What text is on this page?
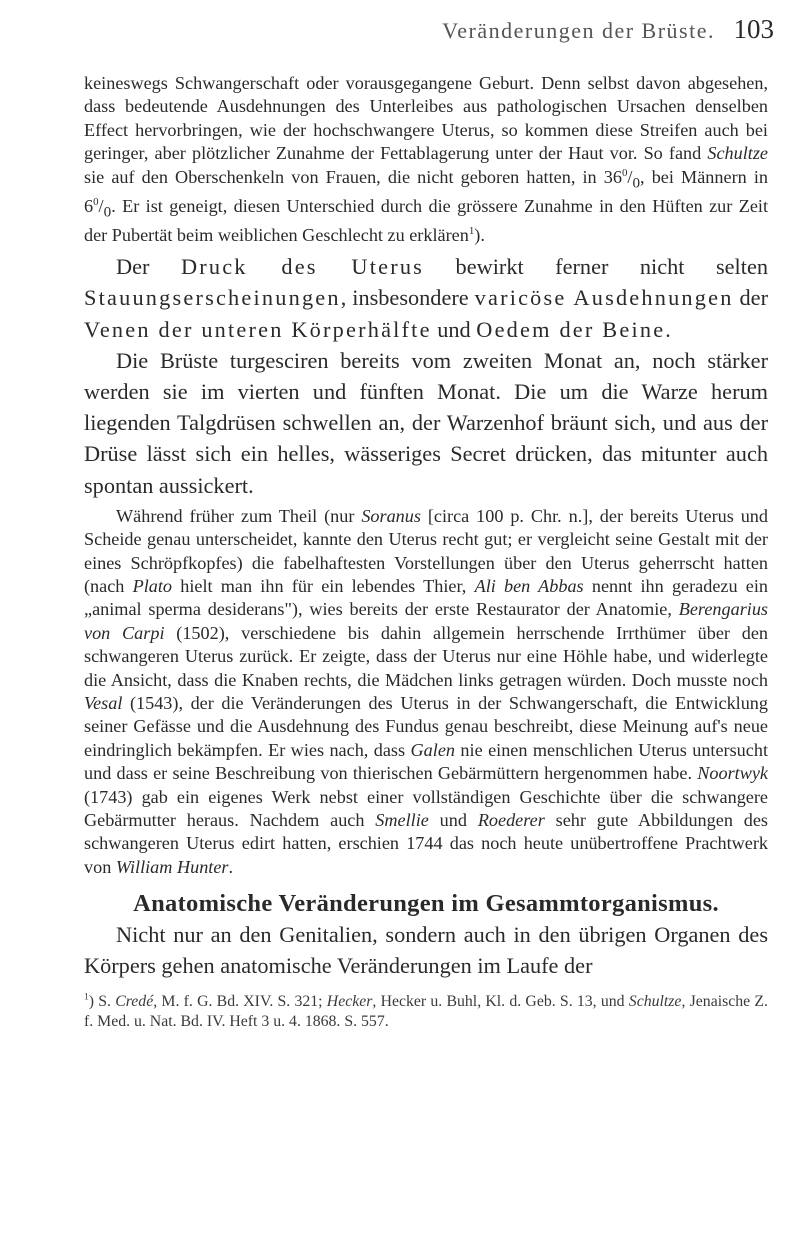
Veränderungen der Brüste. 103

keineswegs Schwangerschaft oder vorausgegangene Geburt. Denn selbst davon abgesehen, dass bedeutende Ausdehnungen des Unterleibes aus pathologischen Ursachen denselben Effect hervorbringen, wie der hochschwangere Uterus, so kommen diese Streifen auch bei geringer, aber plötzlicher Zunahme der Fettablagerung unter der Haut vor. So fand Schultze sie auf den Oberschenkeln von Frauen, die nicht geboren hatten, in $36^0/_0$, bei Männern in $6^0/_0$. Er ist geneigt, diesen Unterschied durch die grössere Zunahme in den Hüften zur Zeit der Pubertät beim weiblichen Geschlecht zu erklären$^1$).

Der Druck des Uterus bewirkt ferner nicht selten Stauungserscheinungen, insbesondere varicöse Ausdehnungen der Venen der unteren Körperhälfte und Oedem der Beine.

Die Brüste turgesciren bereits vom zweiten Monat an, noch stärker werden sie im vierten und fünften Monat. Die um die Warze herum liegenden Talgdrüsen schwellen an, der Warzenhof bräunt sich, und aus der Drüse lässt sich ein helles, wässeriges Secret drücken, das mitunter auch spontan aussickert.

Während früher zum Theil (nur Soranus [circa 100 p. Chr. n.], der bereits Uterus und Scheide genau unterscheidet, kannte den Uterus recht gut; er vergleicht seine Gestalt mit der eines Schröpfkopfes) die fabelhaftesten Vorstellungen über den Uterus geherrscht hatten (nach Plato hielt man ihn für ein lebendes Thier, Ali ben Abbas nennt ihn geradezu ein „animal sperma desiderans"), wies bereits der erste Restaurator der Anatomie, Berengarius von Carpi (1502), verschiedene bis dahin allgemein herrschende Irrthümer über den schwangeren Uterus zurück. Er zeigte, dass der Uterus nur eine Höhle habe, und widerlegte die Ansicht, dass die Knaben rechts, die Mädchen links getragen würden. Doch musste noch Vesal (1543), der die Veränderungen des Uterus in der Schwangerschaft, die Entwicklung seiner Gefässe und die Ausdehnung des Fundus genau beschreibt, diese Meinung auf's neue eindringlich bekämpfen. Er wies nach, dass Galen nie einen menschlichen Uterus untersucht und dass er seine Beschreibung von thierischen Gebärmüttern hergenommen habe. Noortwyk (1743) gab ein eigenes Werk nebst einer vollständigen Geschichte über die schwangere Gebärmutter heraus. Nachdem auch Smellie und Roederer sehr gute Abbildungen des schwangeren Uterus edirt hatten, erschien 1744 das noch heute unübertroffene Prachtwerk von William Hunter.

Anatomische Veränderungen im Gesammtorganismus.

Nicht nur an den Genitalien, sondern auch in den übrigen Organen des Körpers gehen anatomische Veränderungen im Laufe der

$^1$) S. Credé, M. f. G. Bd. XIV. S. 321; Hecker, Hecker u. Buhl, Kl. d. Geb. S. 13, und Schultze, Jenaische Z. f. Med. u. Nat. Bd. IV. Heft 3 u. 4. 1868. S. 557.
